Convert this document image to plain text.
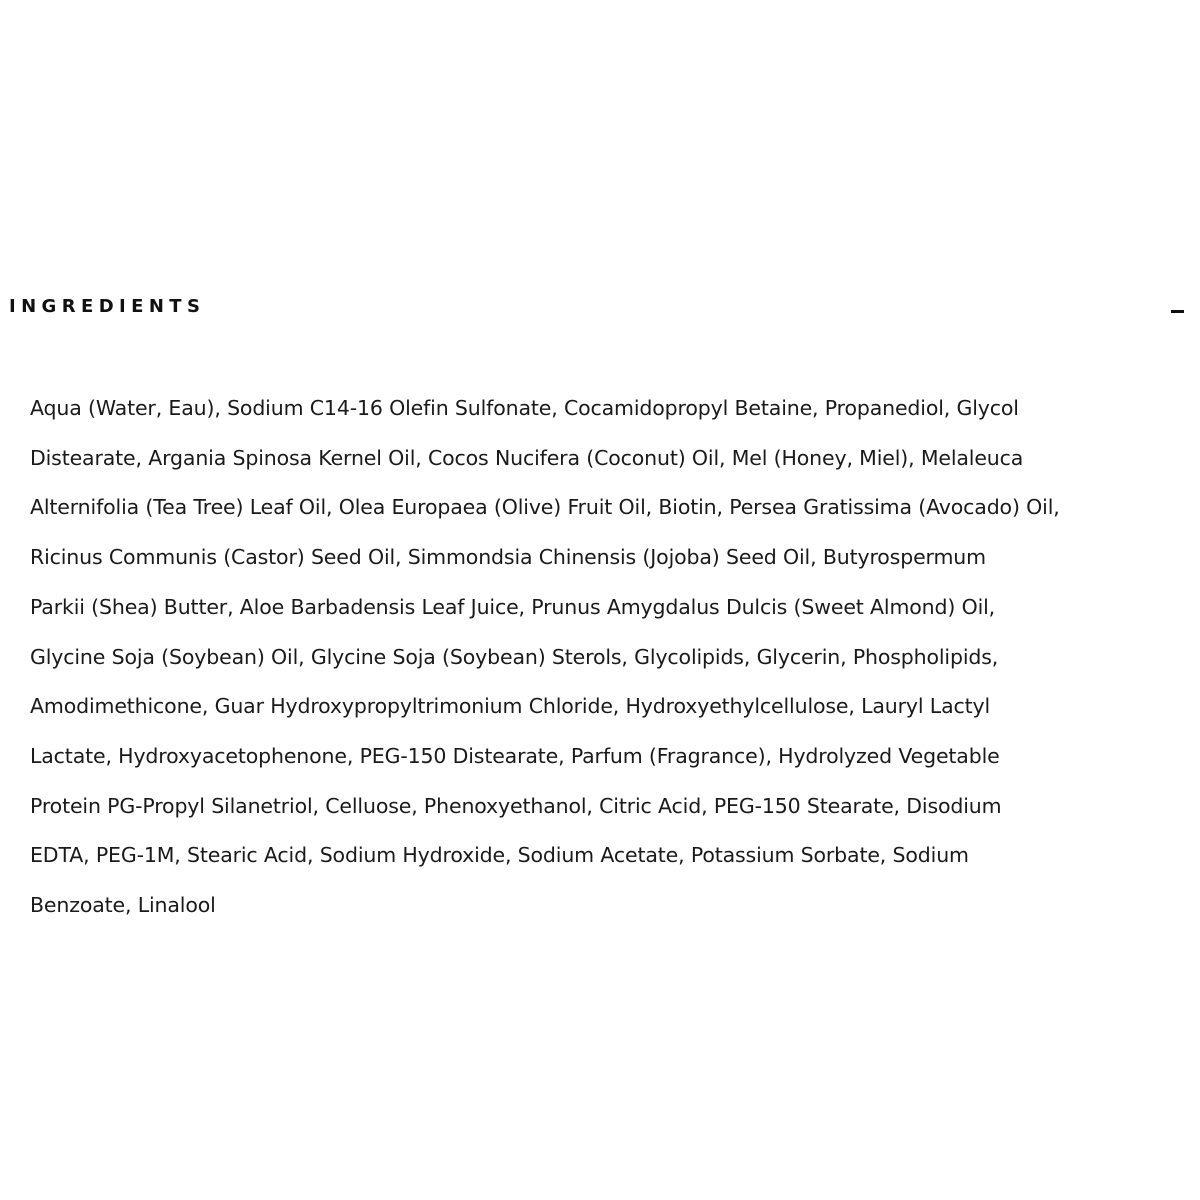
INGREDIENTS

Aqua (Water, Eau), Sodium C14-16 Olefin Sulfonate, Cocamidopropyl Betaine, Propanediol, Glycol
Distearate, Argania Spinosa Kernel Oil, Cocos Nucifera (Coconut) Oil, Mel (Honey, Miel), Melaleuca
Alternifolia (Tea Tree) Leaf Oil, Olea Europaea (Olive) Fruit Oil, Biotin, Persea Gratissima (Avocado) Oil,
Ricinus Communis (Castor) Seed Oil, Simmondsia Chinensis (Jojoba) Seed Oil, Butyrospermum
Parkii (Shea) Butter, Aloe Barbadensis Leaf Juice, Prunus Amygdalus Dulcis (Sweet Almond) Oil,
Glycine Soja (Soybean) Oil, Glycine Soja (Soybean) Sterols, Glycolipids, Glycerin, Phospholipids,
Amodimethicone, Guar Hydroxypropyltrimonium Chloride, Hydroxyethylcellulose, Lauryl Lactyl
Lactate, Hydroxyacetophenone, PEG-150 Distearate, Parfum (Fragrance), Hydrolyzed Vegetable
Protein PG-Propyl Silanetriol, Celluose, Phenoxyethanol, Citric Acid, PEG-150 Stearate, Disodium
EDTA, PEG-1M, Stearic Acid, Sodium Hydroxide, Sodium Acetate, Potassium Sorbate, Sodium
Benzoate, Linalool
